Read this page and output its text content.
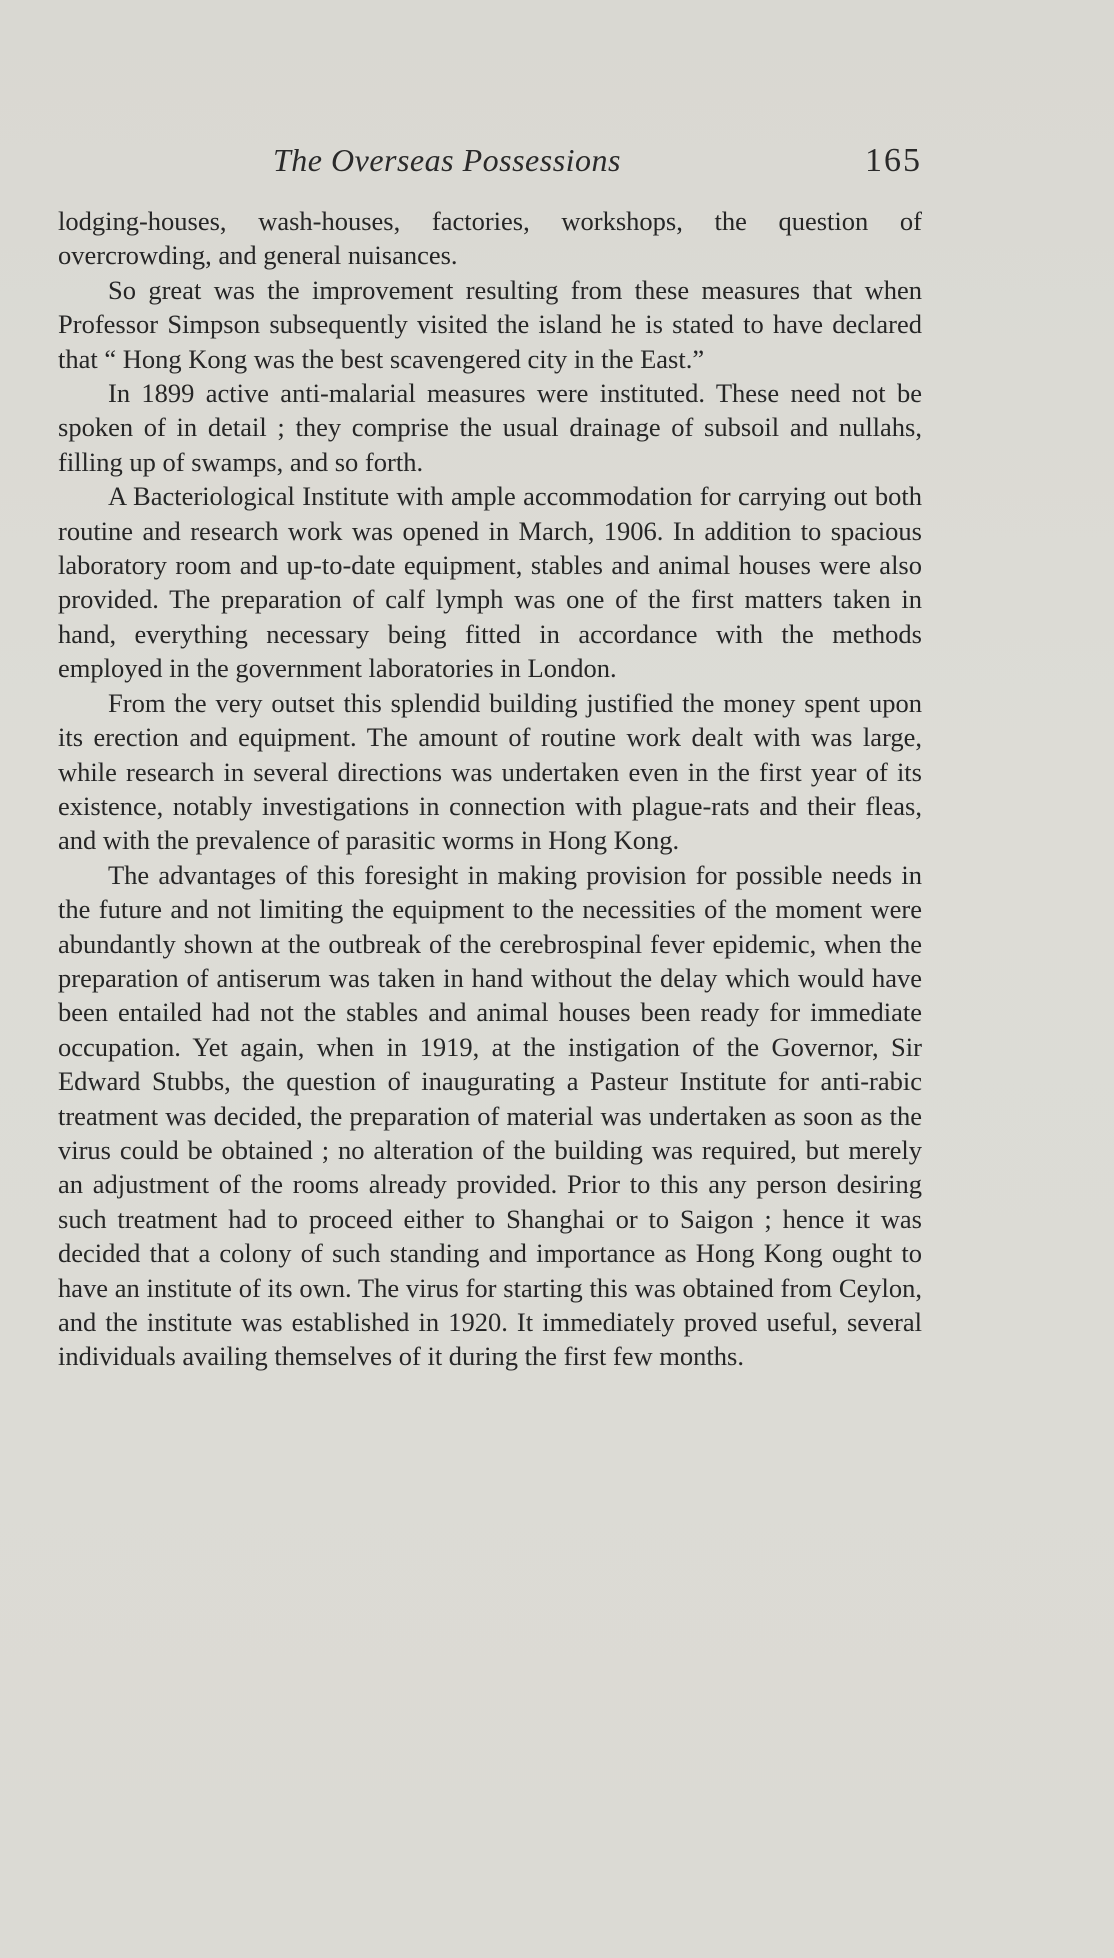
The Overseas Possessions	165

lodging-houses, wash-houses, factories, workshops, the question of overcrowding, and general nuisances.

So great was the improvement resulting from these measures that when Professor Simpson subsequently visited the island he is stated to have declared that “ Hong Kong was the best scavengered city in the East.”

In 1899 active anti-malarial measures were instituted. These need not be spoken of in detail ; they comprise the usual drainage of subsoil and nullahs, filling up of swamps, and so forth.

A Bacteriological Institute with ample accommodation for carrying out both routine and research work was opened in March, 1906. In addition to spacious laboratory room and up-to-date equipment, stables and animal houses were also provided. The preparation of calf lymph was one of the first matters taken in hand, everything necessary being fitted in accordance with the methods employed in the government laboratories in London.

From the very outset this splendid building justified the money spent upon its erection and equipment. The amount of routine work dealt with was large, while research in several directions was undertaken even in the first year of its existence, notably investigations in connection with plague-rats and their fleas, and with the prevalence of parasitic worms in Hong Kong.

The advantages of this foresight in making provision for possible needs in the future and not limiting the equipment to the necessities of the moment were abundantly shown at the outbreak of the cerebrospinal fever epidemic, when the preparation of antiserum was taken in hand without the delay which would have been entailed had not the stables and animal houses been ready for immediate occupation. Yet again, when in 1919, at the instigation of the Governor, Sir Edward Stubbs, the question of inaugurating a Pasteur Institute for anti-rabic treatment was decided, the preparation of material was undertaken as soon as the virus could be obtained ; no alteration of the building was required, but merely an adjustment of the rooms already provided. Prior to this any person desiring such treatment had to proceed either to Shanghai or to Saigon ; hence it was decided that a colony of such standing and importance as Hong Kong ought to have an institute of its own. The virus for starting this was obtained from Ceylon, and the institute was established in 1920. It immediately proved useful, several individuals availing themselves of it during the first few months.
